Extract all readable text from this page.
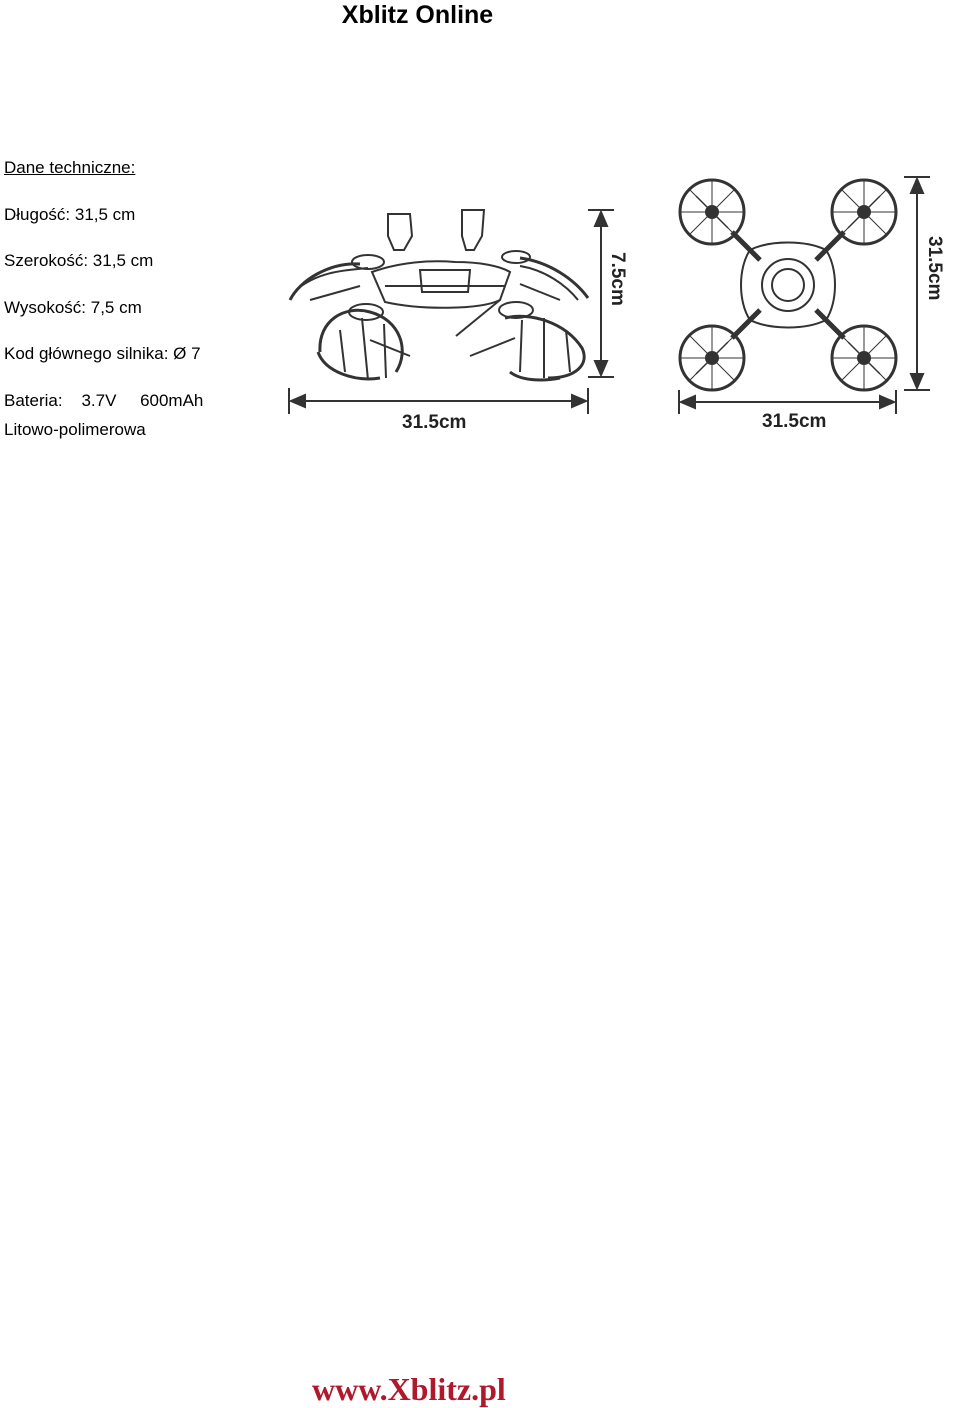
Xblitz Online
Dane techniczne:
Długość: 31,5 cm
Szerokość: 31,5 cm
Wysokość: 7,5 cm
Kod głównego silnika: Ø 7
Bateria:    3.7V     600mAh
Litowo-polimerowa
7.5cm
31.5cm
31.5cm
31.5cm
www.Xblitz.pl
